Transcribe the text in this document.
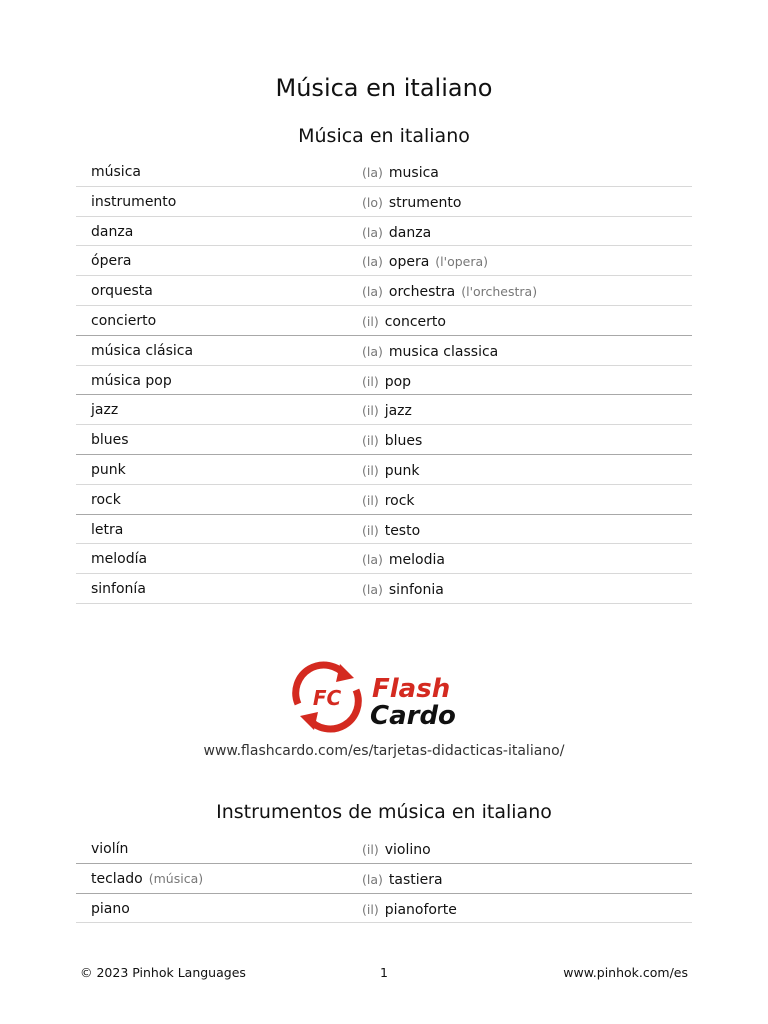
Música en italiano
Música en italiano
música	(la) musica
instrumento	(lo) strumento
danza	(la) danza
ópera	(la) opera (l'opera)
orquesta	(la) orchestra (l'orchestra)
concierto	(il) concerto
música clásica	(la) musica classica
música pop	(il) pop
jazz	(il) jazz
blues	(il) blues
punk	(il) punk
rock	(il) rock
letra	(il) testo
melodía	(la) melodia
sinfonía	(la) sinfonia
FC Flash
Cardo
www.flashcardo.com/es/tarjetas-didacticas-italiano/
Instrumentos de música en italiano
violín	(il) violino
teclado (música)	(la) tastiera
piano	(il) pianoforte
© 2023 Pinhok Languages	1	www.pinhok.com/es
